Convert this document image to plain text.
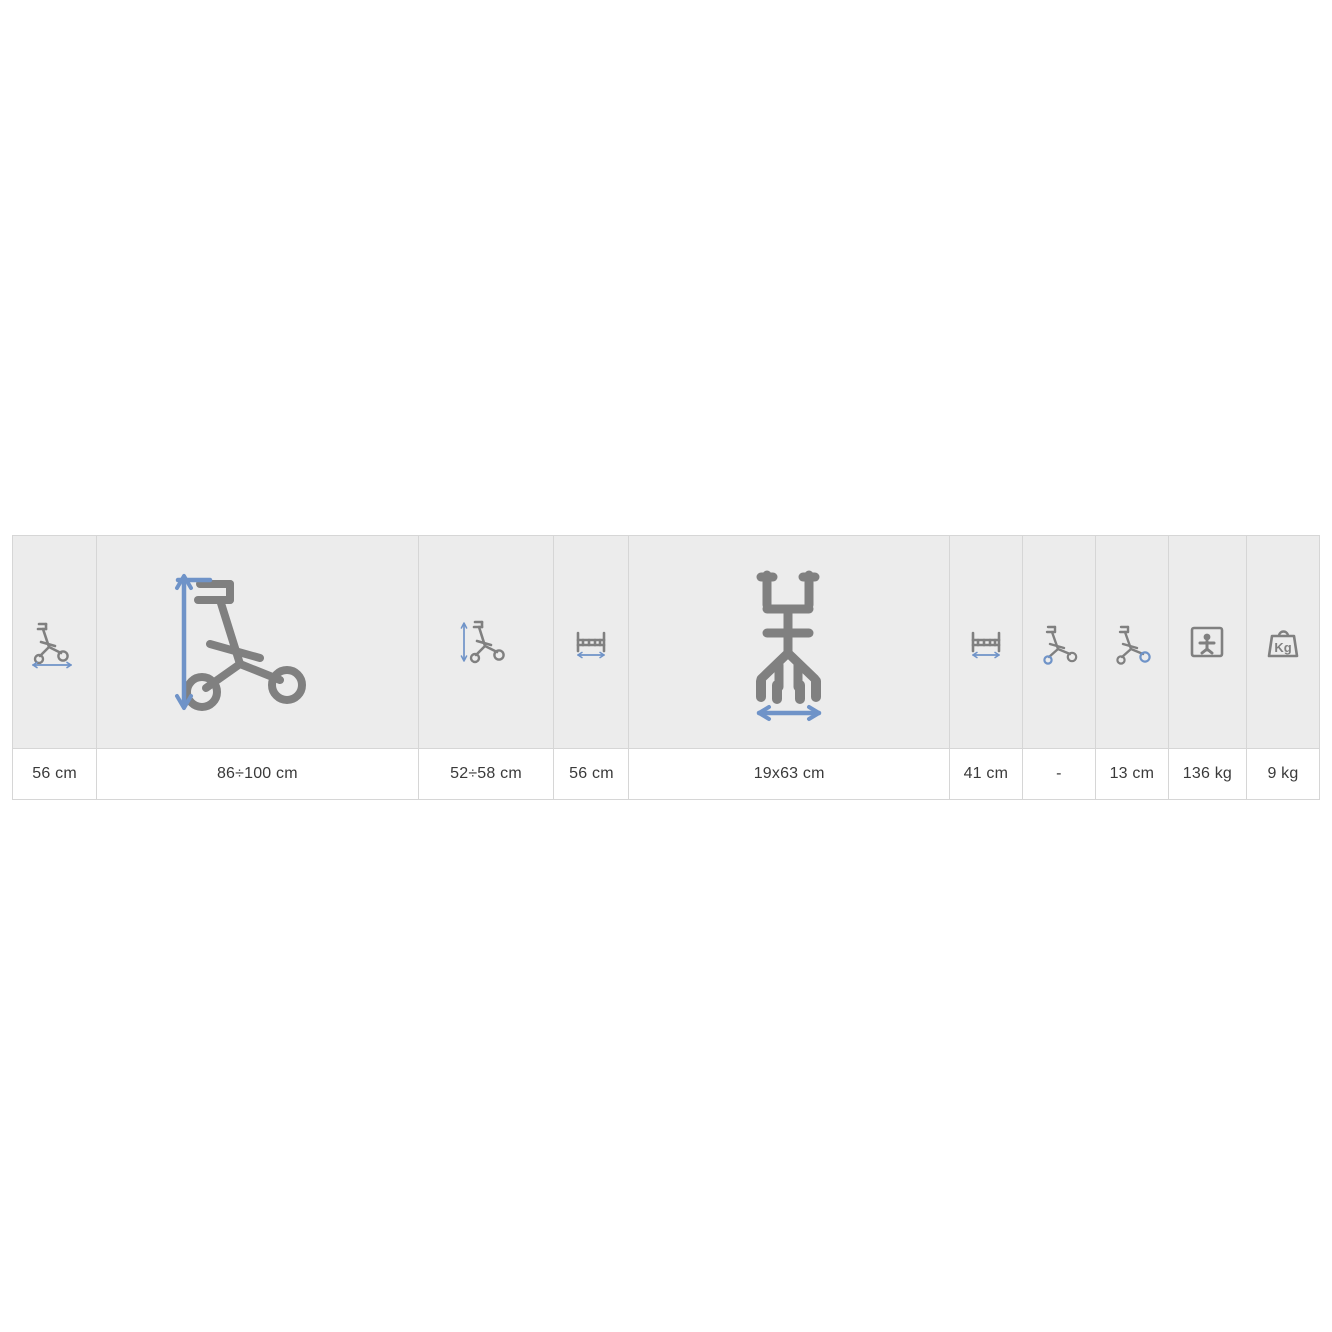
Kg

56 cm	86÷100 cm	52÷58 cm	56 cm	19x63 cm	41 cm	-	13 cm	136 kg	9 kg
